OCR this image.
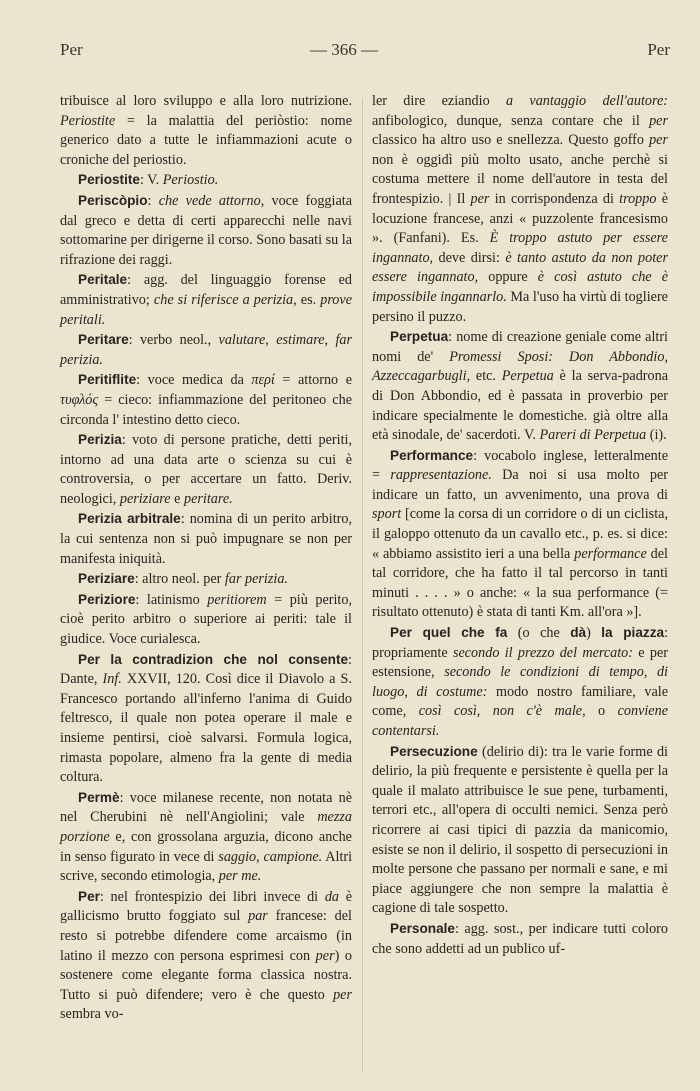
Per	— 366 —	Per

tribuisce al loro sviluppo e alla loro nutrizione. Periostite = la malattia del periòstio: nome generico dato a tutte le infiammazioni acute o croniche del periostio.

Periostite: V. Periostio.

Periscòpio: che vede attorno, voce foggiata dal greco e detta di certi apparecchi nelle navi sottomarine per dirigerne il corso. Sono basati su la rifrazione dei raggi.

Peritale: agg. del linguaggio forense ed amministrativo; che si riferisce a perizia, es. prove peritali.

Peritare: verbo neol., valutare, estimare, far perizia.

Peritiflite: voce medica da περί = attorno e τυφλός = cieco: infiammazione del peritoneo che circonda l' intestino detto cieco.

Perizia: voto di persone pratiche, detti periti, intorno ad una data arte o scienza su cui è controversia, o per accertare un fatto. Deriv. neologici, periziare e peritare.

Perizia arbitrale: nomina di un perito arbitro, la cui sentenza non si può impugnare se non per manifesta iniquità.

Periziare: altro neol. per far perizia.

Periziore: latinismo peritiorem = più perito, cioè perito arbitro o superiore ai periti: tale il giudice. Voce curialesca.

Per la contradizion che nol consente: Dante, Inf. XXVII, 120. Così dice il Diavolo a S. Francesco portando all'inferno l'anima di Guido feltresco, il quale non potea operare il male e insieme pentirsi, cioè salvarsi. Formula logica, rimasta popolare, almeno fra la gente di media coltura.

Permè: voce milanese recente, non notata nè nel Cherubini nè nell'Angiolini; vale mezza porzione e, con grossolana arguzia, dicono anche in senso figurato in vece di saggio, campione. Altri scrive, secondo etimologia, per me.

Per: nel frontespizio dei libri invece di da è gallicismo brutto foggiato sul par francese: del resto si potrebbe difendere come arcaismo (in latino il mezzo con persona esprimesi con per) o sostenere come elegante forma classica nostra. Tutto si può difendere; vero è che questo per sembra vo-

ler dire eziandio a vantaggio dell'autore: anfibologico, dunque, senza contare che il per classico ha altro uso e snellezza. Questo goffo per non è oggidì più molto usato, anche perchè si costuma mettere il nome dell'autore in testa del frontespizio. | Il per in corrispondenza di troppo è locuzione francese, anzi « puzzolente francesismo ». (Fanfani). Es. È troppo astuto per essere ingannato, deve dirsi: è tanto astuto da non poter essere ingannato, oppure è così astuto che è impossibile ingannarlo. Ma l'uso ha virtù di togliere persino il puzzo.

Perpetua: nome di creazione geniale come altri nomi de' Promessi Sposi: Don Abbondio, Azzeccagarbugli, etc. Perpetua è la serva-padrona di Don Abbondio, ed è passata in proverbio per indicare specialmente le domestiche. già oltre alla età sinodale, de' sacerdoti. V. Pareri di Perpetua (i).

Performance: vocabolo inglese, letteralmente = rappresentazione. Da noi si usa molto per indicare un fatto, un avvenimento, una prova di sport [come la corsa di un corridore o di un ciclista, il galoppo ottenuto da un cavallo etc., p. es. si dice: « abbiamo assistito ieri a una bella performance del tal corridore, che ha fatto il tal percorso in tanti minuti . . . . » o anche: « la sua performance (= risultato ottenuto) è stata di tanti Km. all'ora »].

Per quel che fa (o che dà) la piazza: propriamente secondo il prezzo del mercato: e per estensione, secondo le condizioni di tempo, di luogo, di costume: modo nostro familiare, vale come, così così, non c'è male, o conviene contentarsi.

Persecuzione (delirio di): tra le varie forme di delirio, la più frequente e persistente è quella per la quale il malato attribuisce le sue pene, turbamenti, terrori etc., all'opera di occulti nemici. Senza però ricorrere ai casi tipici di pazzia da manicomio, esiste se non il delirio, il sospetto di persecuzioni in molte persone che passano per normali e sane, e mi piace aggiungere che non sempre la malattia è cagione di tale sospetto.

Personale: agg. sost., per indicare tutti coloro che sono addetti ad un publico uf-
